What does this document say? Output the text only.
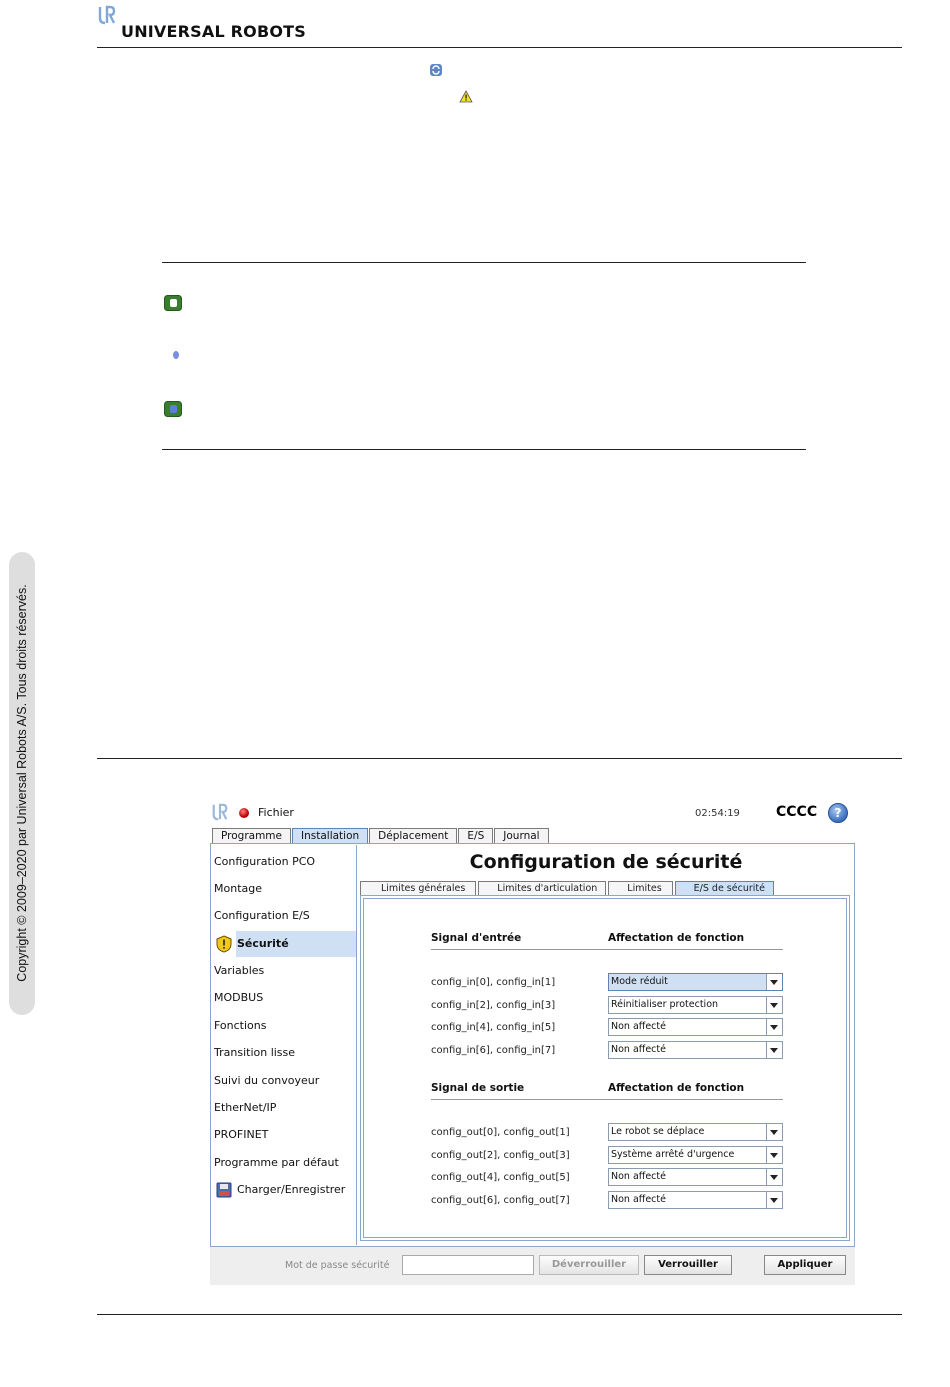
UNIVERSAL ROBOTS
Copyright © 2009–2020 par Universal Robots A/S. Tous droits réservés.	Fichier	02:54:19	CCCC	?
Programme	Installation	Déplacement	E/S	Journal
Configuration PCO
Montage
Configuration E/S
Sécurité
Variables
MODBUS
Fonctions
Transition lisse
Suivi du convoyeur
EtherNet/IP
PROFINET
Programme par défaut
Charger/Enregistrer
Configuration de sécurité
Limites générales	Limites d'articulation	Limites	E/S de sécurité
Signal d'entrée	Affectation de fonction
config_in[0], config_in[1]	Mode réduit
config_in[2], config_in[3]	Réinitialiser protection
config_in[4], config_in[5]	Non affecté
config_in[6], config_in[7]	Non affecté
Signal de sortie	Affectation de fonction
config_out[0], config_out[1]	Le robot se déplace
config_out[2], config_out[3]	Système arrêté d'urgence
config_out[4], config_out[5]	Non affecté
config_out[6], config_out[7]	Non affecté
Mot de passe sécurité	Déverrouiller	Verrouiller	Appliquer
